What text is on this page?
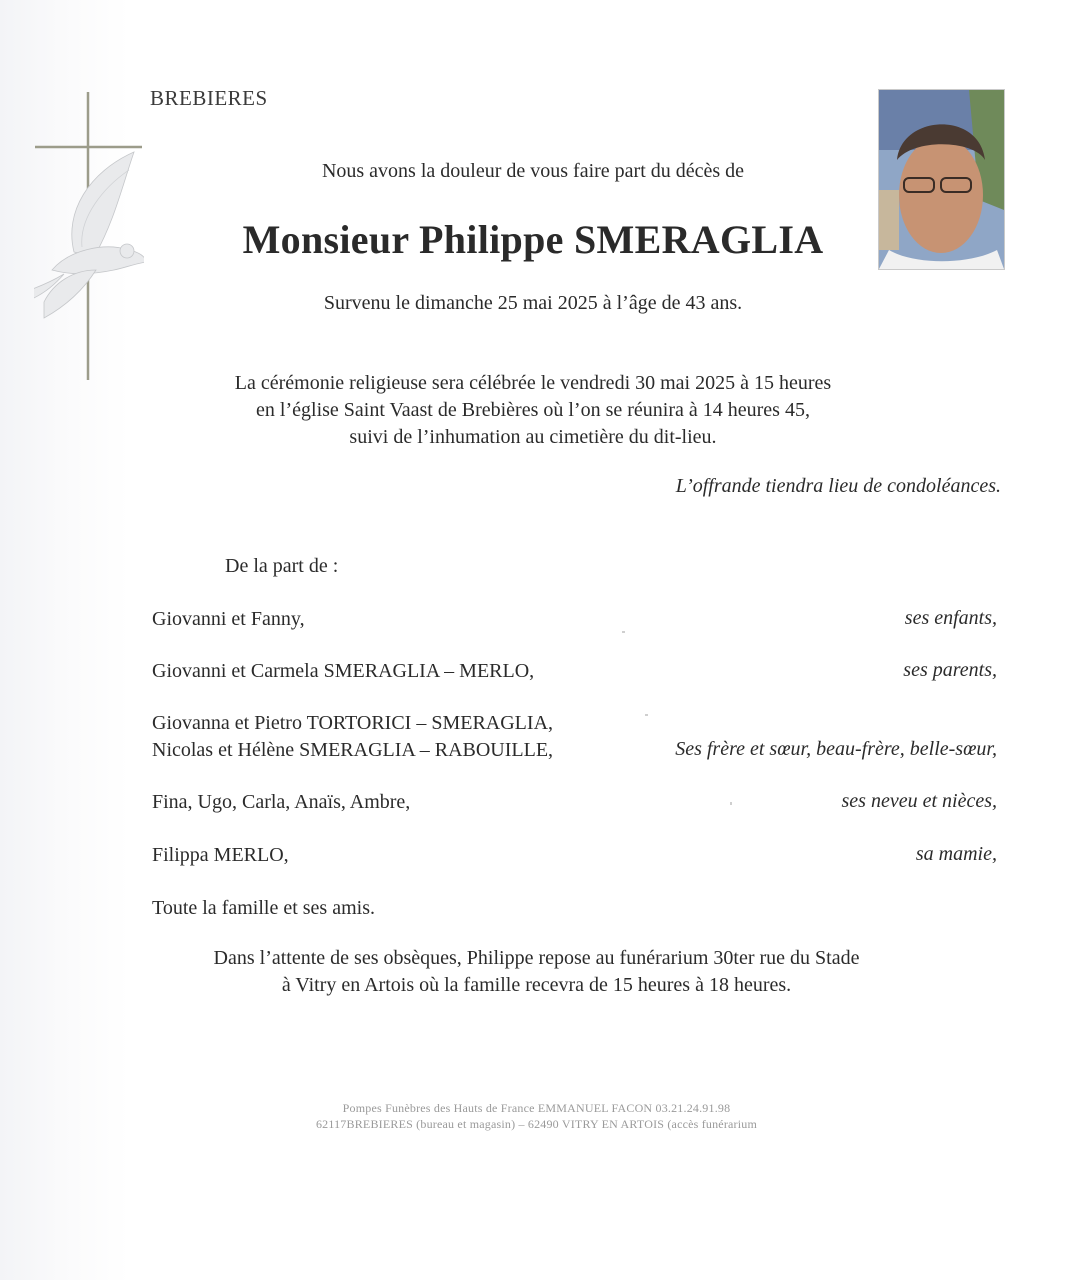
BREBIERES
Nous avons la douleur de vous faire part du décès de
Monsieur Philippe SMERAGLIA
Survenu le dimanche 25 mai 2025 à l’âge de 43 ans.
La cérémonie religieuse sera célébrée le vendredi 30 mai 2025 à 15 heures
en l’église Saint Vaast de Brebières où l’on se réunira à 14 heures 45,
suivi de l’inhumation au cimetière du dit-lieu.
L’offrande tiendra lieu de condoléances.
De la part de :
Giovanni et Fanny,	ses enfants,
Giovanni et Carmela SMERAGLIA – MERLO,	ses parents,
Giovanna et Pietro TORTORICI – SMERAGLIA,
Nicolas et Hélène SMERAGLIA – RABOUILLE,	Ses frère et sœur, beau-frère, belle-sœur,
Fina, Ugo, Carla, Anaïs, Ambre,	ses neveu et nièces,
Filippa MERLO,	sa mamie,
Toute la famille et ses amis.
Dans l’attente de ses obsèques, Philippe repose au funérarium 30ter rue du Stade
à Vitry en Artois où la famille recevra de 15 heures à 18 heures.
Pompes Funèbres des Hauts de France EMMANUEL FACON 03.21.24.91.98
62117BREBIERES (bureau et magasin) – 62490 VITRY EN ARTOIS (accès funérarium
